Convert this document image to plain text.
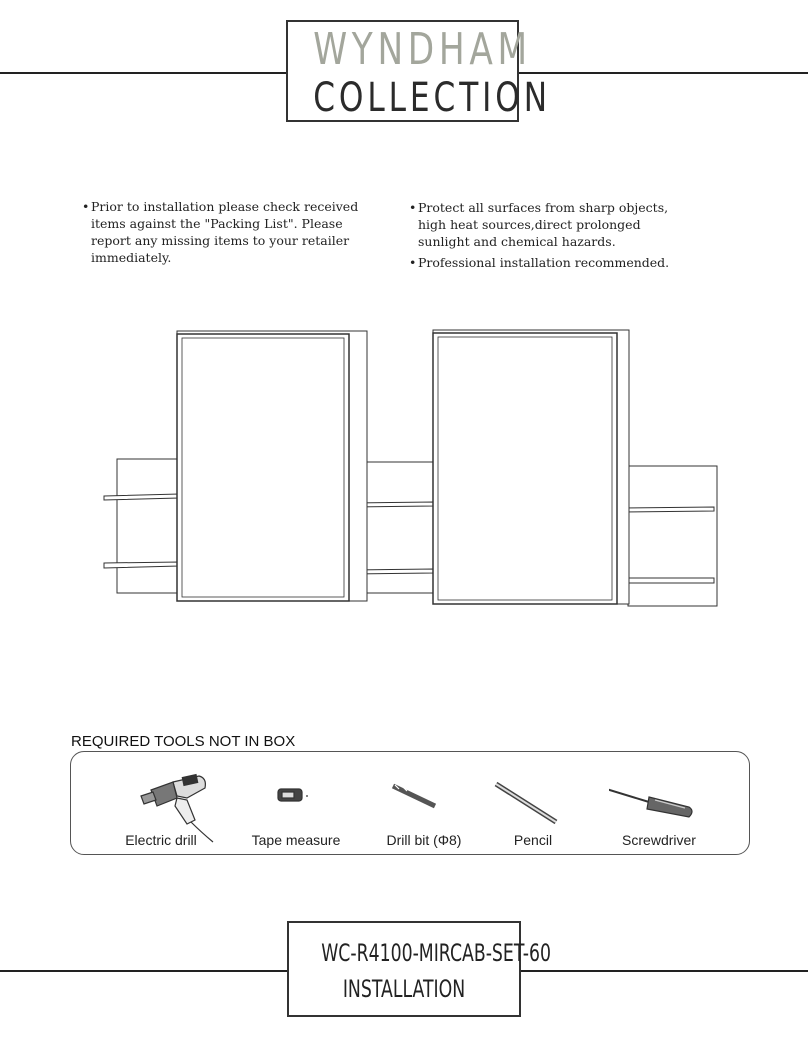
WYNDHAM
COLLECTION
• Prior to installation please check received items against the "Packing List". Please report any missing items to your retailer immediately.
• Protect all surfaces from sharp objects, high heat sources,direct prolonged sunlight and chemical hazards.
• Professional installation recommended.
REQUIRED TOOLS NOT IN BOX
Electric drill	Tape measure	Drill bit (Φ8)	Pencil	Screwdriver
WC-R4100-MIRCAB-SET-60
INSTALLATION
